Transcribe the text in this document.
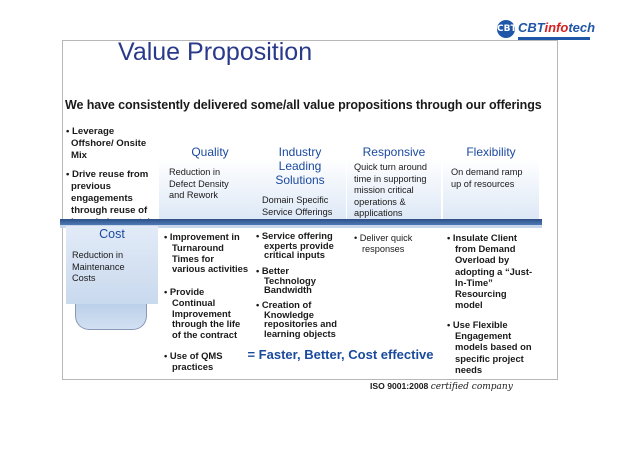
Value Proposition
CBT CBTinfotech
We have consistently delivered some/all value propositions through our offerings
• Leverage
Offshore/ Onsite
Mix
• Drive reuse from
previous
engagements
through reuse of
Quality
Reduction in
Defect Density
and Rework
Industry
Leading
Solutions
Domain Specific
Service Offerings
Responsive
Quick turn around
time in supporting
mission critical
operations &
applications
Flexibility
On demand ramp
up of resources
Cost
Reduction in
Maintenance
Costs
• Improvement in
Turnaround
Times for
various activities
• Provide
Continual
Improvement
through the life
of the contract
• Use of QMS
practices
• Service offering
experts provide
critical inputs
• Better
Technology
Bandwidth
• Creation of
Knowledge
repositories and
learning objects
• Deliver quick
responses
• Insulate Client
from Demand
Overload by
adopting a “Just-
In-Time”
Resourcing
model
• Use Flexible
Engagement
models based on
specific project
needs
= Faster, Better, Cost effective
ISO 9001:2008 certified company
